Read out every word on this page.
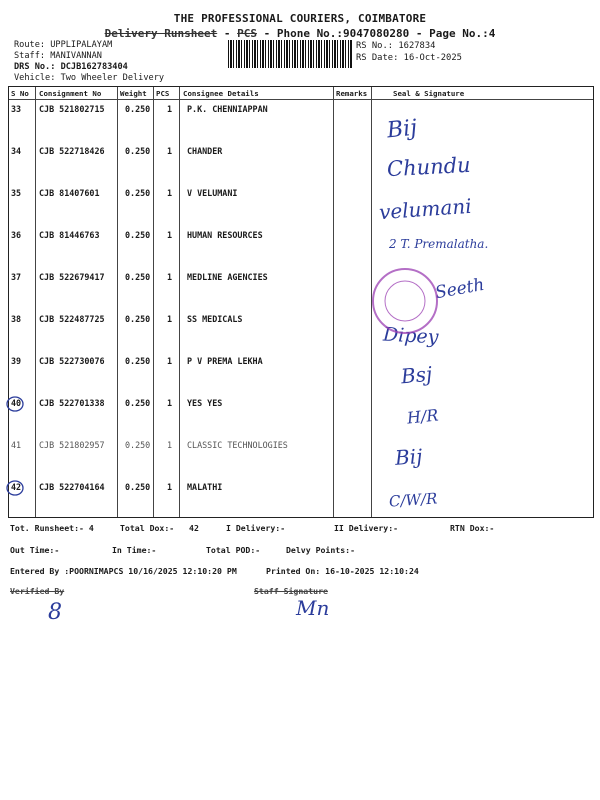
THE PROFESSIONAL COURIERS, COIMBATORE
Delivery Runsheet - PCS - Phone No.:9047080280 - Page No.:4
Route: UPPLIPALAYAM
Staff: MANIVANNAN
DRS No.: DCJB162783404
Vehicle: Two Wheeler Delivery
RS No.: 1627834
RS Date: 16-Oct-2025
S No Consignment No	Weight PCS Consignee Details	Remarks	Seal & Signature
33 CJB 521802715 0.250 1 P.K. CHENNIAPPAN
Bij
34 CJB 522718426 0.250 1 CHANDER
Chundu
35 CJB 81407601	0.250 1 V VELUMANI
velumani
36 CJB 81446763	0.250 1 HUMAN RESOURCES
2 T. Premalatha.
37 CJB 522679417 0.250 1 MEDLINE AGENCIES	Seeth
38 CJB 522487725 0.250 1 SS MEDICALS
Dipey
39 CJB 522730076 0.250 1 P V PREMA LEKHA
Bsj
40 CJB 522701338 0.250 1 YES YES
H/R
41 CJB 521802957 0.250 1 CLASSIC TECHNOLOGIES	Bij
42 CJB 522704164 0.250 1 MALATHI
C/W/R
Tot. Runsheet:- 4	Total Dox:-   42	I Delivery:-	II Delivery:-	RTN Dox:-
Out Time:-	In Time:-	Total POD:-	Delvy Points:-
Entered By :POORNIMAPCS 10/16/2025 12:10:20 PM	Printed On: 16-10-2025 12:10:24
Verified By	Staff Signature
8	Mn
